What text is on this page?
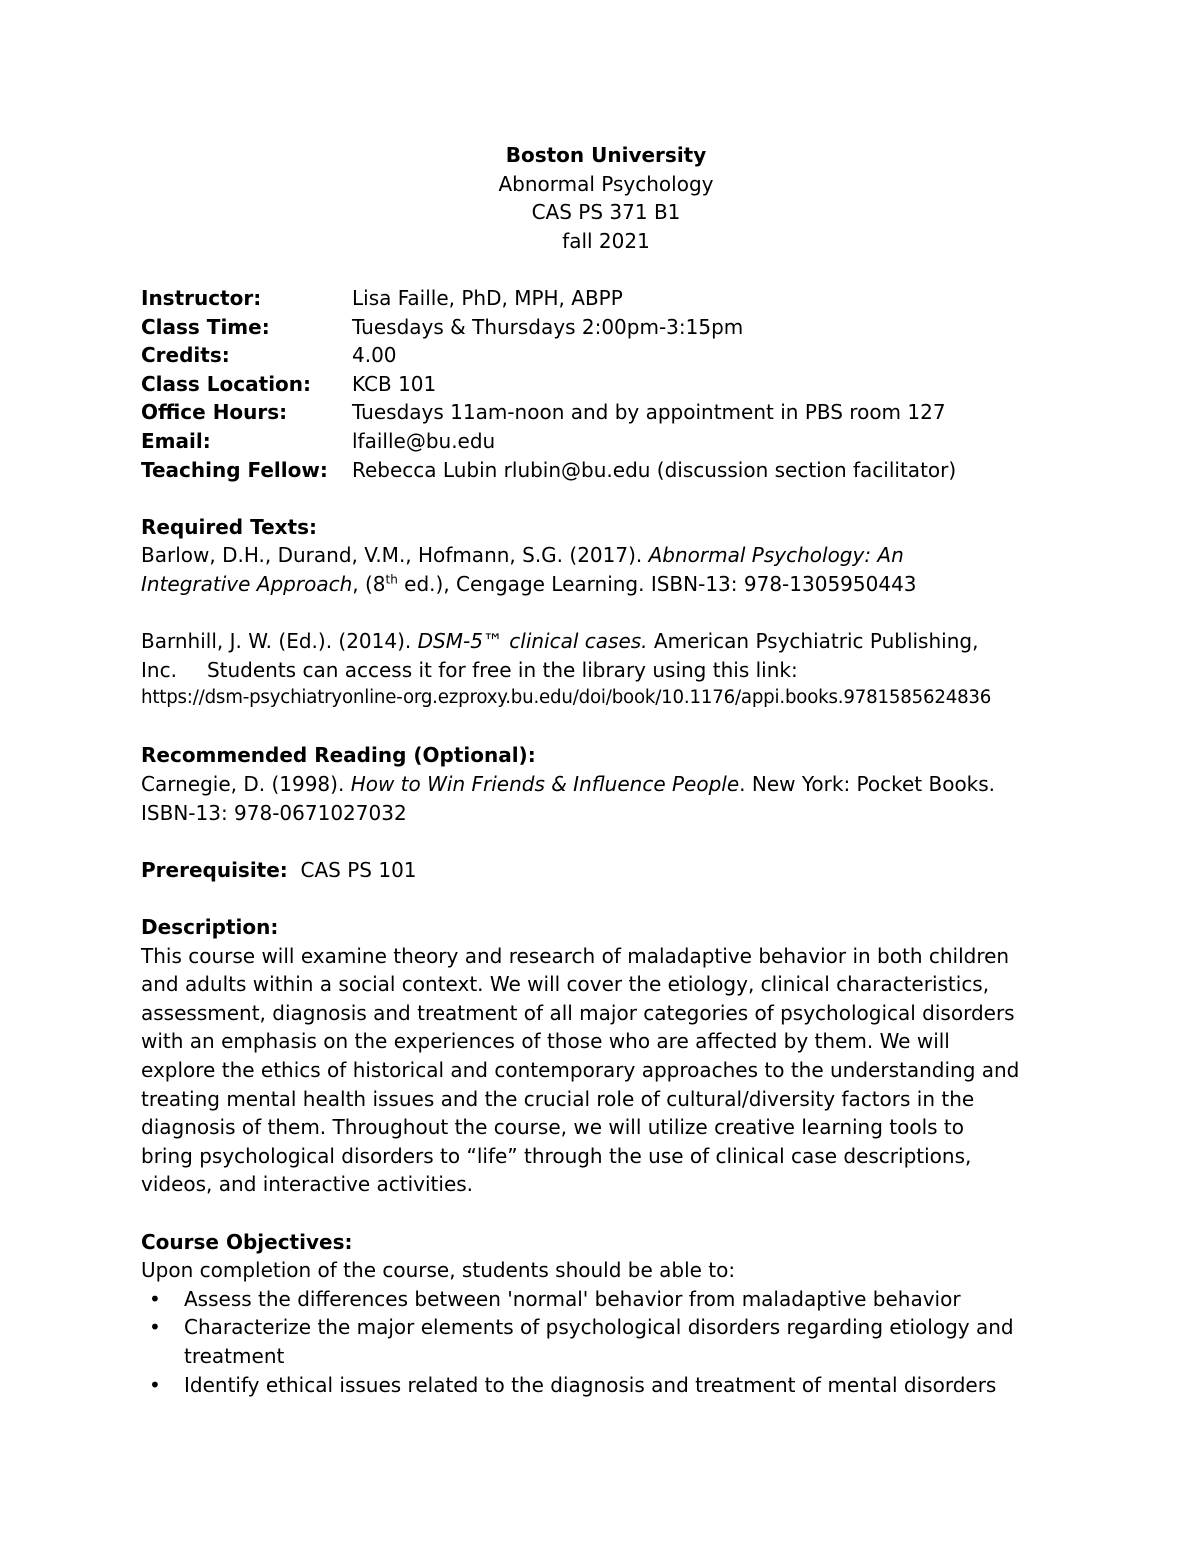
Boston University
Abnormal Psychology
CAS PS 371 B1
fall 2021
Instructor:	Lisa Faille, PhD, MPH, ABPP
Class Time:	Tuesdays & Thursdays 2:00pm-3:15pm
Credits:	4.00
Class Location:	KCB 101
Office Hours:	Tuesdays 11am-noon and by appointment in PBS room 127
Email:	lfaille@bu.edu
Teaching Fellow:	Rebecca Lubin rlubin@bu.edu (discussion section facilitator)
Required Texts:
Barlow, D.H., Durand, V.M., Hofmann, S.G. (2017). Abnormal Psychology: An
Integrative Approach, (8th ed.), Cengage Learning. ISBN-13: 978-1305950443
Barnhill, J. W. (Ed.). (2014). DSM-5™ clinical cases. American Psychiatric Publishing,
Inc. Students can access it for free in the library using this link:
https://dsm-psychiatryonline-org.ezproxy.bu.edu/doi/book/10.1176/appi.books.9781585624836
Recommended Reading (Optional):
Carnegie, D. (1998). How to Win Friends & Influence People. New York: Pocket Books.
ISBN-13: 978-0671027032
Prerequisite: CAS PS 101
Description:
This course will examine theory and research of maladaptive behavior in both children
and adults within a social context. We will cover the etiology, clinical characteristics,
assessment, diagnosis and treatment of all major categories of psychological disorders
with an emphasis on the experiences of those who are affected by them. We will
explore the ethics of historical and contemporary approaches to the understanding and
treating mental health issues and the crucial role of cultural/diversity factors in the
diagnosis of them. Throughout the course, we will utilize creative learning tools to
bring psychological disorders to “life” through the use of clinical case descriptions,
videos, and interactive activities.
Course Objectives:
Upon completion of the course, students should be able to:
• Assess the differences between 'normal' behavior from maladaptive behavior
• Characterize the major elements of psychological disorders regarding etiology and
treatment
• Identify ethical issues related to the diagnosis and treatment of mental disorders
